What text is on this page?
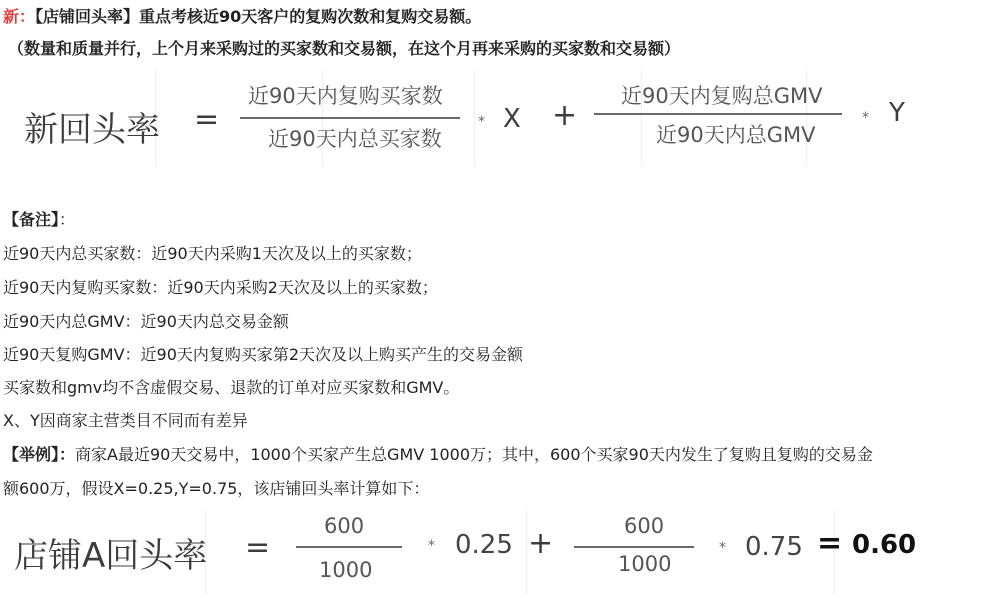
新：【店铺回头率】重点考核近90天客户的复购次数和复购交易额。
（数量和质量并行，上个月来采购过的买家数和交易额，在这个月再来采购的买家数和交易额）
新回头率 =
近90天内复购买家数
近90天内总买家数
* X +
近90天内复购总GMV
近90天内总GMV
* Y
【备注】：
近90天内总买家数：近90天内采购1天次及以上的买家数；
近90天内复购买家数：近90天内采购2天次及以上的买家数；
近90天内总GMV：近90天内总交易金额
近90天复购GMV：近90天内复购买家第2天次及以上购买产生的交易金额
买家数和gmv均不含虚假交易、退款的订单对应买家数和GMV。
X、Y因商家主营类目不同而有差异
【举例】：商家A最近90天交易中，1000个买家产生总GMV 1000万；其中，600个买家90天内发生了复购且复购的交易金
额600万，假设X=0.25,Y=0.75，该店铺回头率计算如下：
店铺A回头率 =
600
1000
* 0.25 +	600
1000
* 0.75 = 0.60
